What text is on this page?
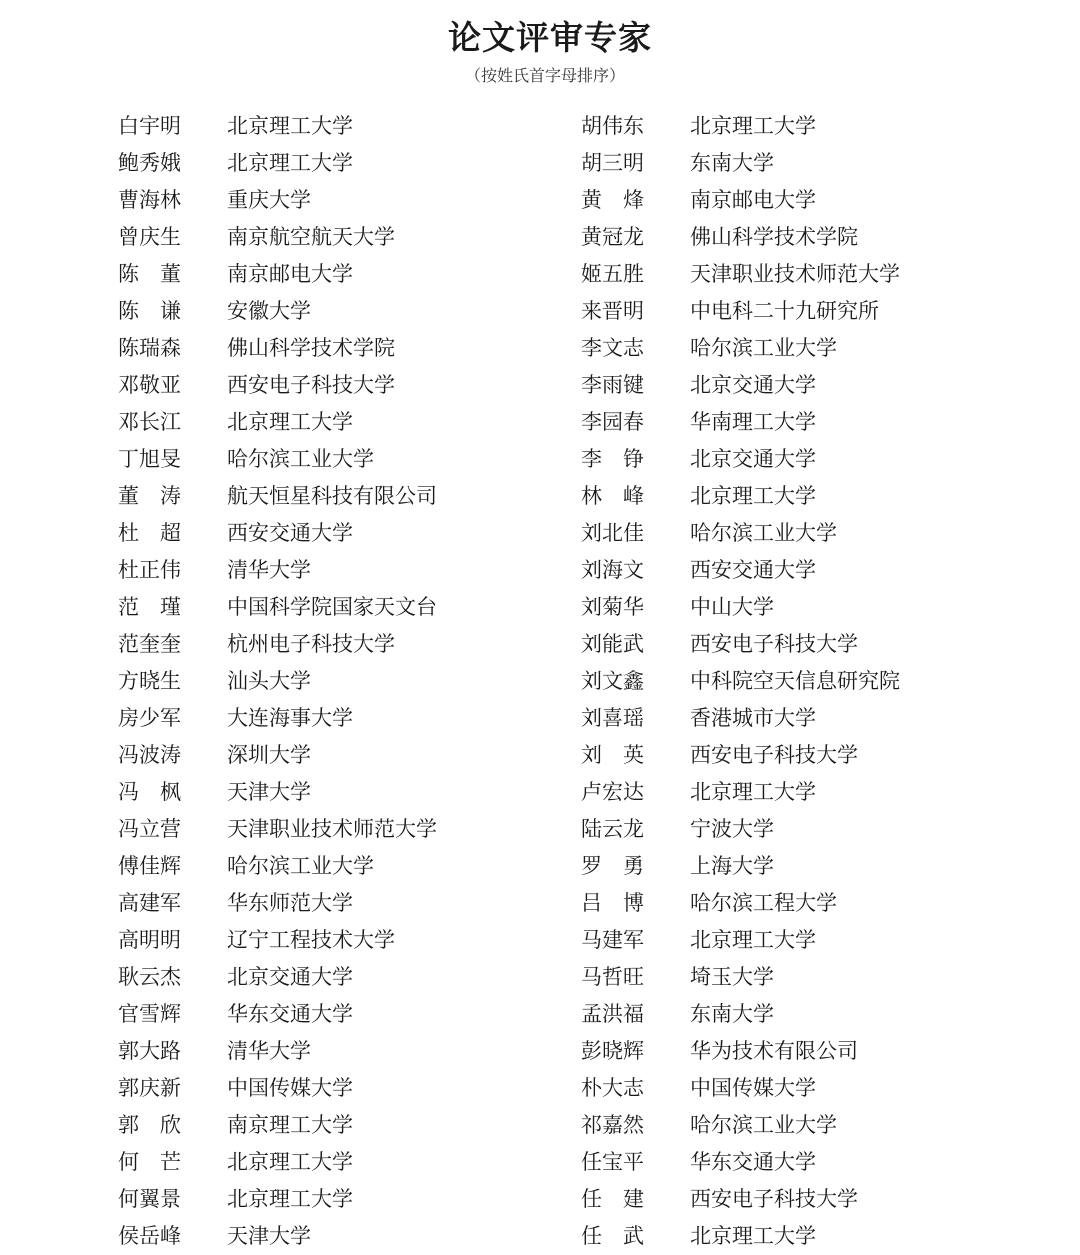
论文评审专家
（按姓氏首字母排序）
白宇明 北京理工大学
鲍秀娥 北京理工大学
曹海林 重庆大学
曾庆生 南京航空航天大学
陈　董 南京邮电大学
陈　谦 安徽大学
陈瑞森 佛山科学技术学院
邓敬亚 西安电子科技大学
邓长江 北京理工大学
丁旭旻 哈尔滨工业大学
董　涛 航天恒星科技有限公司
杜　超 西安交通大学
杜正伟 清华大学
范　瑾 中国科学院国家天文台
范奎奎 杭州电子科技大学
方晓生 汕头大学
房少军 大连海事大学
冯波涛 深圳大学
冯　枫 天津大学
冯立营 天津职业技术师范大学
傅佳辉 哈尔滨工业大学
高建军 华东师范大学
高明明 辽宁工程技术大学
耿云杰 北京交通大学
官雪辉 华东交通大学
郭大路 清华大学
郭庆新 中国传媒大学
郭　欣 南京理工大学
何　芒 北京理工大学
何翼景 北京理工大学
侯岳峰 天津大学
胡伟东 北京理工大学
胡三明 东南大学
黄　烽 南京邮电大学
黄冠龙 佛山科学技术学院
姬五胜 天津职业技术师范大学
来晋明 中电科二十九研究所
李文志 哈尔滨工业大学
李雨键 北京交通大学
李园春 华南理工大学
李　铮 北京交通大学
林　峰 北京理工大学
刘北佳 哈尔滨工业大学
刘海文 西安交通大学
刘菊华 中山大学
刘能武 西安电子科技大学
刘文鑫 中科院空天信息研究院
刘喜瑶 香港城市大学
刘　英 西安电子科技大学
卢宏达 北京理工大学
陆云龙 宁波大学
罗　勇 上海大学
吕　博 哈尔滨工程大学
马建军 北京理工大学
马哲旺 埼玉大学
孟洪福 东南大学
彭晓辉 华为技术有限公司
朴大志 中国传媒大学
祁嘉然 哈尔滨工业大学
任宝平 华东交通大学
任　建 西安电子科技大学
任　武 北京理工大学
